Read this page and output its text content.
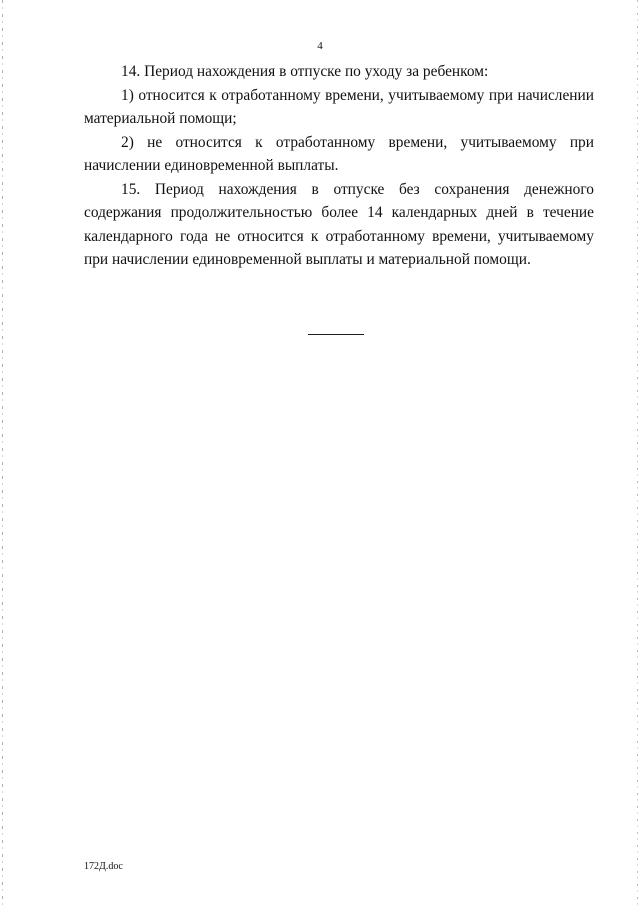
4

14. Период нахождения в отпуске по уходу за ребенком:

1) относится к отработанному времени, учитываемому при начислении материальной помощи;

2) не относится к отработанному времени, учитываемому при начислении единовременной выплаты.

15. Период нахождения в отпуске без сохранения денежного содержания продолжительностью более 14 календарных дней в течение календарного года не относится к отработанному времени, учитываемому при начислении единовременной выплаты и материальной помощи.

172Д.doc
